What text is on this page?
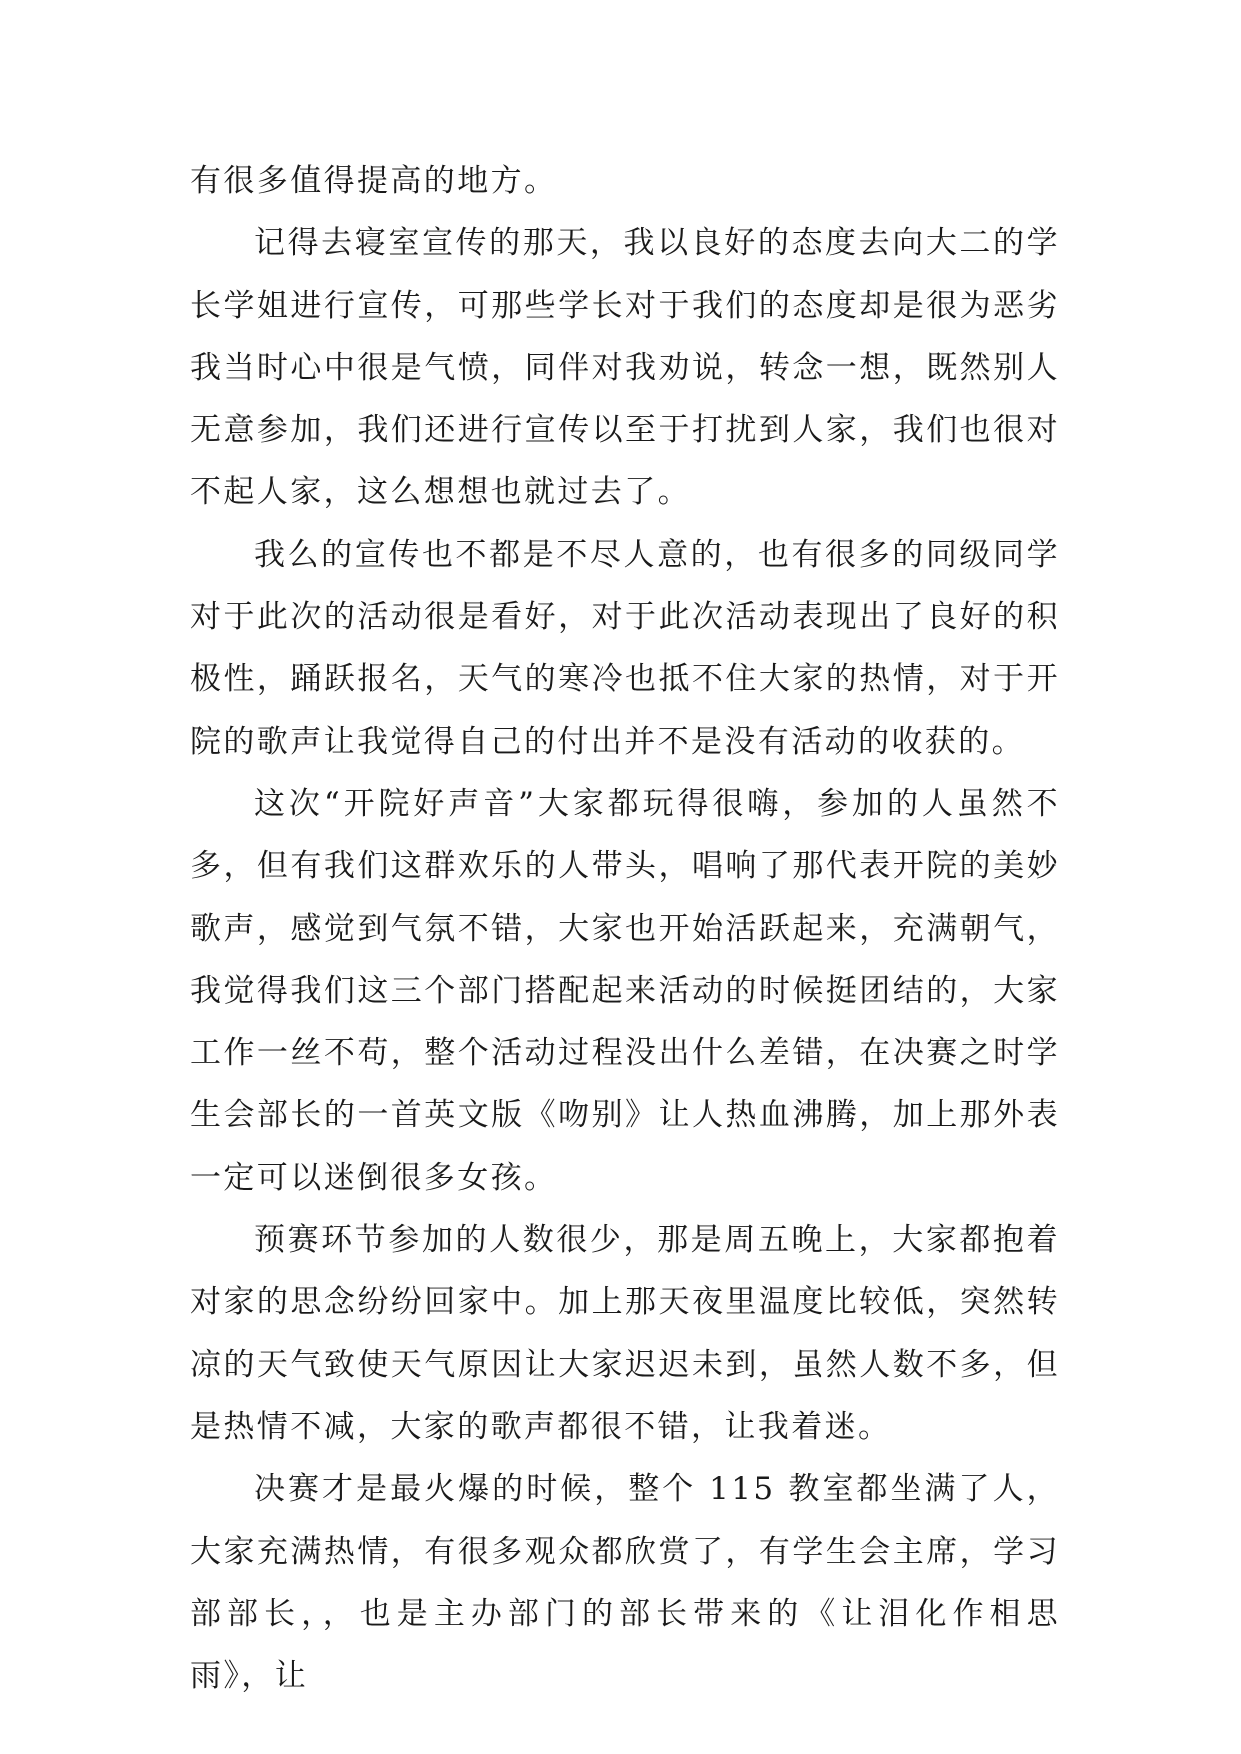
有很多值得提高的地方。

记得去寝室宣传的那天，我以良好的态度去向大二的学长学姐进行宣传，可那些学长对于我们的态度却是很为恶劣我当时心中很是气愤，同伴对我劝说，转念一想，既然别人无意参加，我们还进行宣传以至于打扰到人家，我们也很对不起人家，这么想想也就过去了。

我么的宣传也不都是不尽人意的，也有很多的同级同学对于此次的活动很是看好，对于此次活动表现出了良好的积极性，踊跃报名，天气的寒冷也抵不住大家的热情，对于开院的歌声让我觉得自己的付出并不是没有活动的收获的。

这次“开院好声音”大家都玩得很嗨，参加的人虽然不多，但有我们这群欢乐的人带头，唱响了那代表开院的美妙歌声，感觉到气氛不错，大家也开始活跃起来，充满朝气，我觉得我们这三个部门搭配起来活动的时候挺团结的，大家工作一丝不苟，整个活动过程没出什么差错，在决赛之时学生会部长的一首英文版《吻别》让人热血沸腾，加上那外表一定可以迷倒很多女孩。

预赛环节参加的人数很少，那是周五晚上，大家都抱着对家的思念纷纷回家中。加上那天夜里温度比较低，突然转凉的天气致使天气原因让大家迟迟未到，虽然人数不多，但是热情不减，大家的歌声都很不错，让我着迷。

决赛才是最火爆的时候，整个 115 教室都坐满了人，大家充满热情，有很多观众都欣赏了，有学生会主席，学习部部长，，也是主办部门的部长带来的《让泪化作相思雨》，让
